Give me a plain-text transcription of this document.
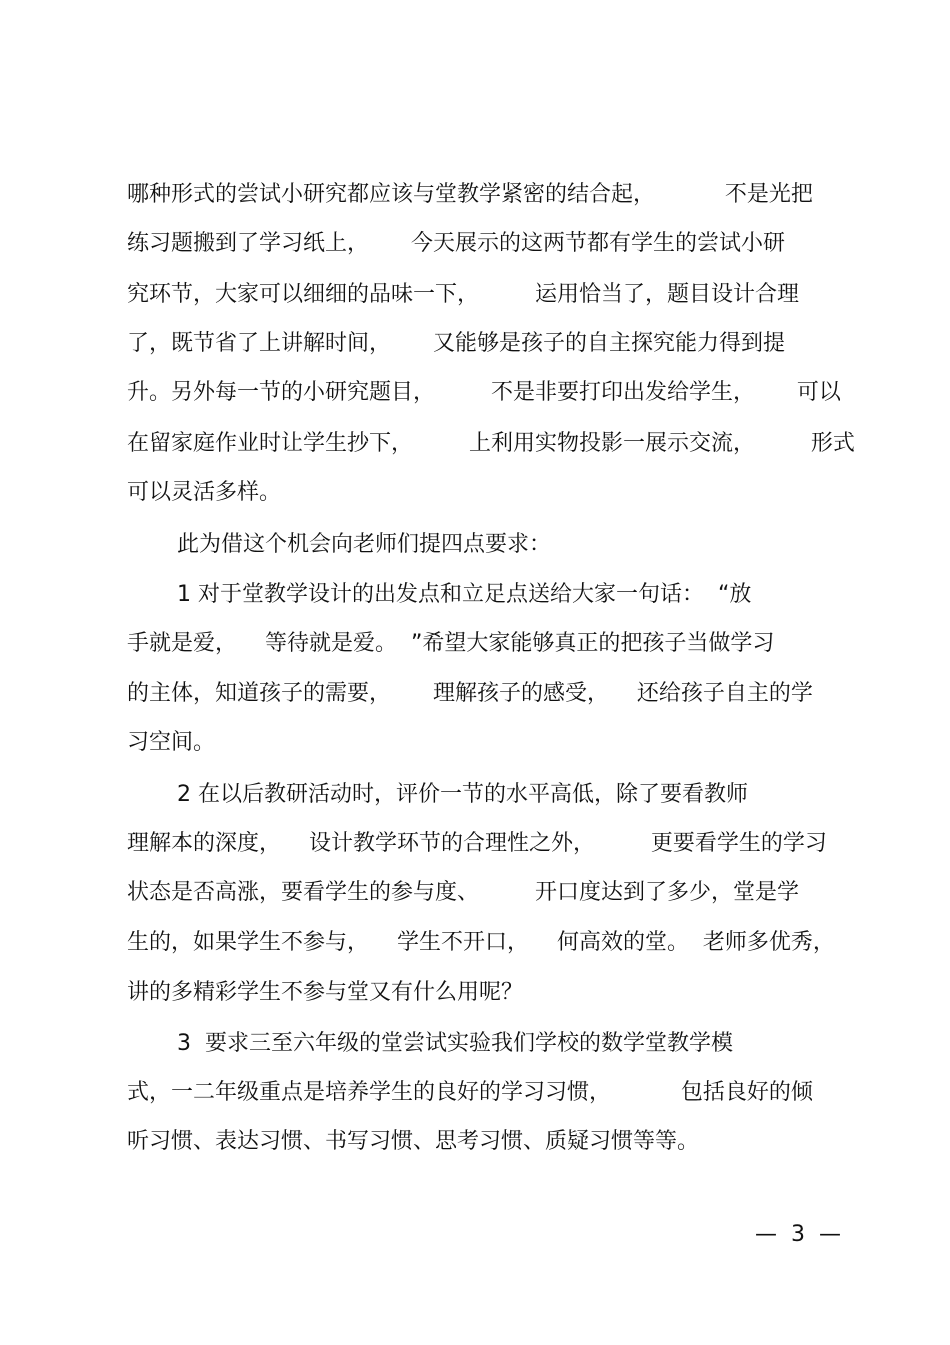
哪种形式的尝试小研究都应该与堂教学紧密的结合起，          不是光把
练习题搬到了学习纸上，      今天展示的这两节都有学生的尝试小研
究环节，大家可以细细的品味一下，        运用恰当了，题目设计合理
了，既节省了上讲解时间，      又能够是孩子的自主探究能力得到提
升。另外每一节的小研究题目，        不是非要打印出发给学生，      可以
在留家庭作业时让学生抄下，        上利用实物投影一展示交流，        形式
可以灵活多样。
此为借这个机会向老师们提四点要求：
1 对于堂教学设计的出发点和立足点送给大家一句话：  “放
手就是爱，    等待就是爱。  ”希望大家能够真正的把孩子当做学习
的主体，知道孩子的需要，      理解孩子的感受，    还给孩子自主的学
习空间。
2 在以后教研活动时，评价一节的水平高低，除了要看教师
理解本的深度，    设计教学环节的合理性之外，        更要看学生的学习
状态是否高涨，要看学生的参与度、        开口度达到了多少，堂是学
生的，如果学生不参与，    学生不开口，    何高效的堂。  老师多优秀，
讲的多精彩学生不参与堂又有什么用呢？
3  要求三至六年级的堂尝试实验我们学校的数学堂教学模
式，一二年级重点是培养学生的良好的学习习惯，          包括良好的倾
听习惯、表达习惯、书写习惯、思考习惯、质疑习惯等等。
—  3  —
